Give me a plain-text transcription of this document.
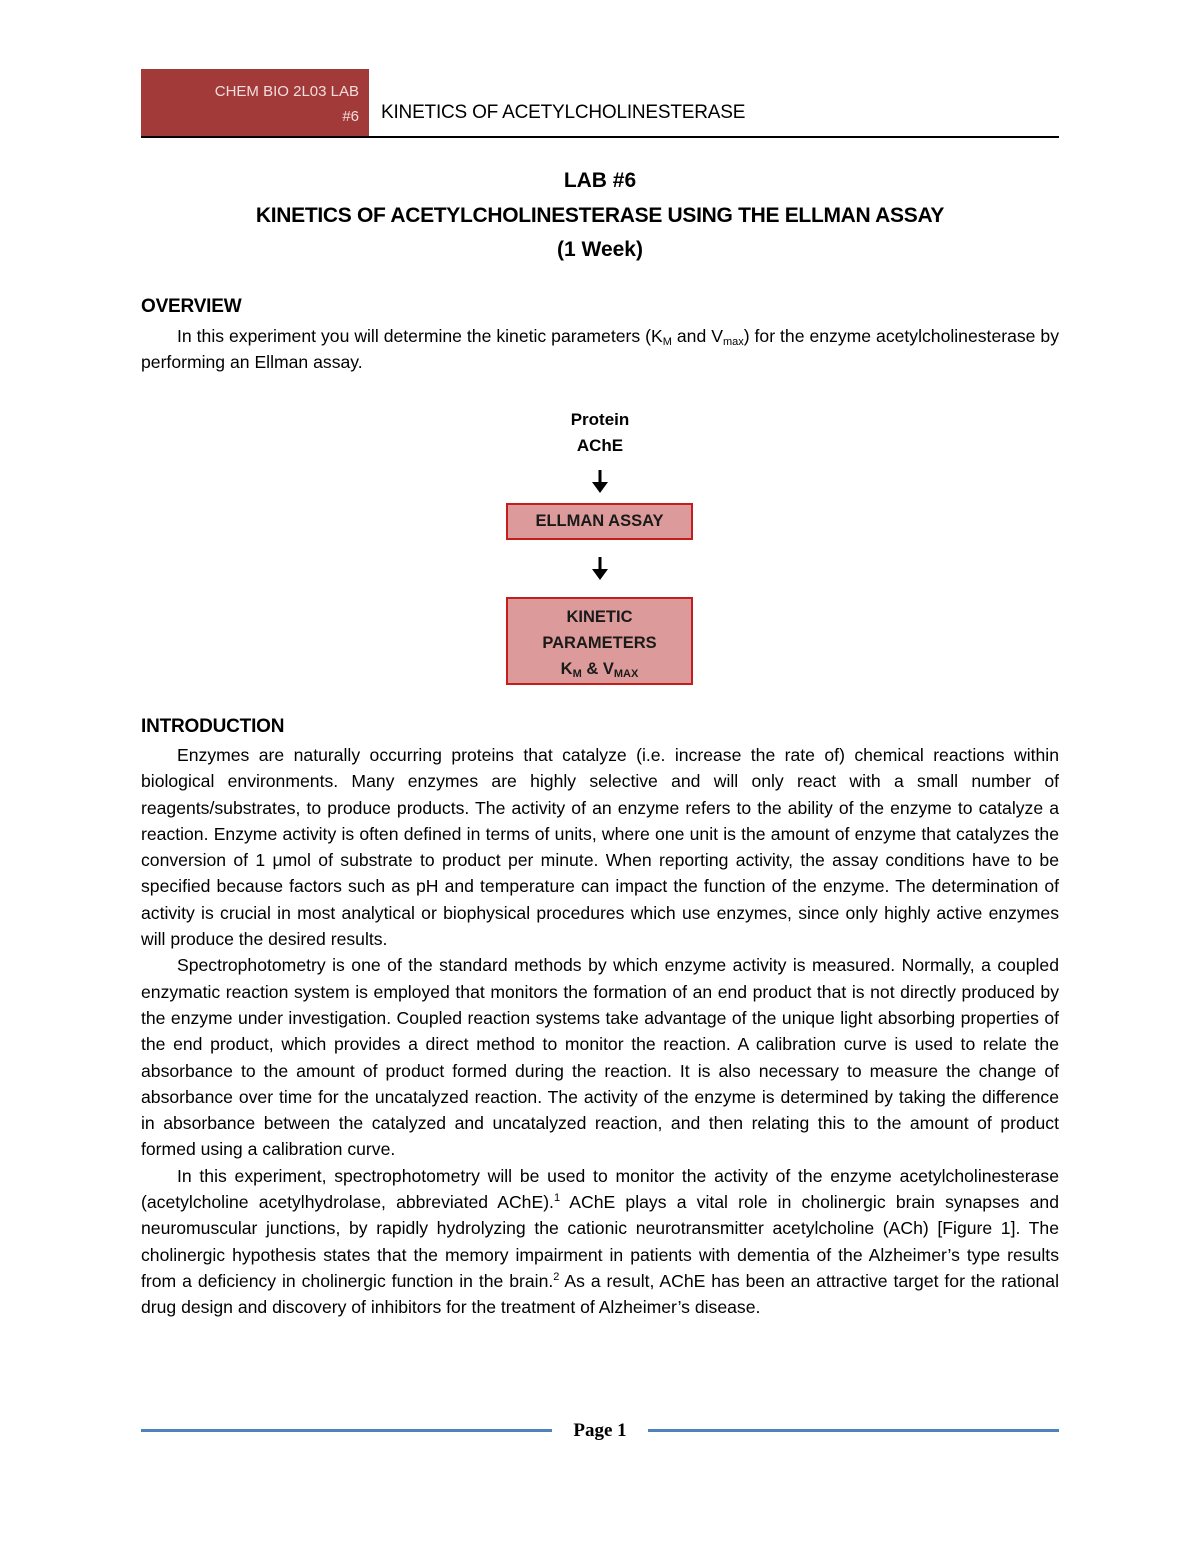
CHEM BIO 2L03 LAB
#6 KINETICS OF ACETYLCHOLINESTERASE
LAB #6
KINETICS OF ACETYLCHOLINESTERASE USING THE ELLMAN ASSAY
(1 Week)
OVERVIEW

In this experiment you will determine the kinetic parameters ($K_M$ and $V_{max}$) for the enzyme acetylcholinesterase by performing an Ellman assay.

Protein
AChE
ELLMAN ASSAY
KINETIC
PARAMETERS
$K_M$ & $V_{MAX}$
INTRODUCTION

Enzymes are naturally occurring proteins that catalyze (i.e. increase the rate of) chemical reactions within biological environments. Many enzymes are highly selective and will only react with a small number of reagents/substrates, to produce products. The activity of an enzyme refers to the ability of the enzyme to catalyze a reaction. Enzyme activity is often defined in terms of units, where one unit is the amount of enzyme that catalyzes the conversion of 1 μmol of substrate to product per minute. When reporting activity, the assay conditions have to be specified because factors such as pH and temperature can impact the function of the enzyme. The determination of activity is crucial in most analytical or biophysical procedures which use enzymes, since only highly active enzymes will produce the desired results.

Spectrophotometry is one of the standard methods by which enzyme activity is measured. Normally, a coupled enzymatic reaction system is employed that monitors the formation of an end product that is not directly produced by the enzyme under investigation. Coupled reaction systems take advantage of the unique light absorbing properties of the end product, which provides a direct method to monitor the reaction. A calibration curve is used to relate the absorbance to the amount of product formed during the reaction. It is also necessary to measure the change of absorbance over time for the uncatalyzed reaction. The activity of the enzyme is determined by taking the difference in absorbance between the catalyzed and uncatalyzed reaction, and then relating this to the amount of product formed using a calibration curve.

In this experiment, spectrophotometry will be used to monitor the activity of the enzyme acetylcholinesterase (acetylcholine acetylhydrolase, abbreviated AChE).$^1$ AChE plays a vital role in cholinergic brain synapses and neuromuscular junctions, by rapidly hydrolyzing the cationic neurotransmitter acetylcholine (ACh) [Figure 1]. The cholinergic hypothesis states that the memory impairment in patients with dementia of the Alzheimer’s type results from a deficiency in cholinergic function in the brain.$^2$ As a result, AChE has been an attractive target for the rational drug design and discovery of inhibitors for the treatment of Alzheimer’s disease.

Page 1
